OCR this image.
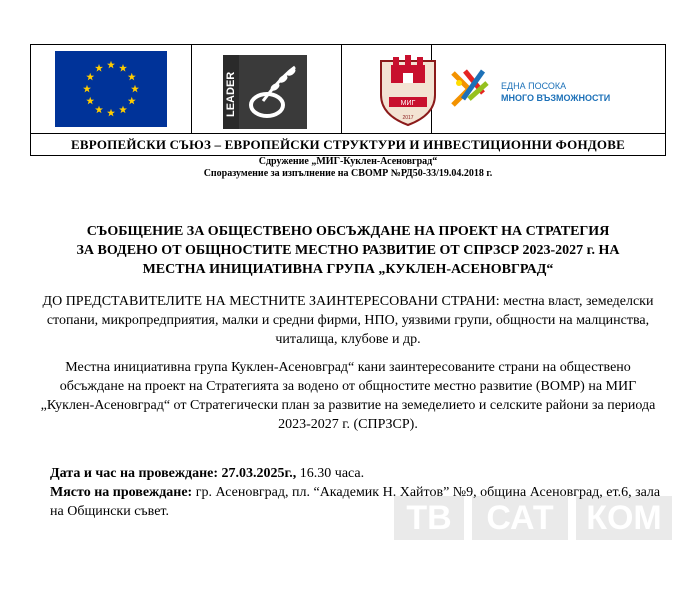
LEADER	МИГ
2017
ЕДНА ПОСОКА
МНОГО ВЪЗМОЖНОСТИ
ЕВРОПЕЙСКИ СЪЮЗ – ЕВРОПЕЙСКИ СТРУКТУРИ И ИНВЕСТИЦИОННИ ФОНДОВЕ
Сдружение „МИГ-Куклен-Асеновград“
Споразумение за изпълнение на СВОМР №РД50-33/19.04.2018 г.
СЪОБЩЕНИЕ ЗА ОБЩЕСТВЕНО ОБСЪЖДАНЕ НА ПРОЕКТ НА СТРАТЕГИЯ
ЗА ВОДЕНО ОТ ОБЩНОСТИТЕ МЕСТНО РАЗВИТИЕ ОТ СПРЗСР 2023-2027 г. НА
МЕСТНА ИНИЦИАТИВНА ГРУПА „КУКЛЕН-АСЕНОВГРАД“
ДО ПРЕДСТАВИТЕЛИТЕ НА МЕСТНИТЕ ЗАИНТЕРЕСОВАНИ СТРАНИ: местна власт, земеделски стопани, микропредприятия, малки и средни фирми, НПО, уязвими групи, общности на малцинства, читалища, клубове и др.
Местна инициативна група Куклен-Асеновград“ кани заинтересованите страни на обществено обсъждане на проект на Стратегията за водено от общностите местно развитие (ВОМР) на МИГ „Куклен-Асеновград“ от Стратегически план за развитие на земеделието и селските райони за периода 2023-2027 г. (СПРЗСР).
Дата и час на провеждане: 27.03.2025г., 16.30 часа.
Място на провеждане: гр. Асеновград, пл. “Академик Н. Хайтов” №9, община Асеновград, ет.6, зала на Общински съвет.	ТВ	САТ КОМ
